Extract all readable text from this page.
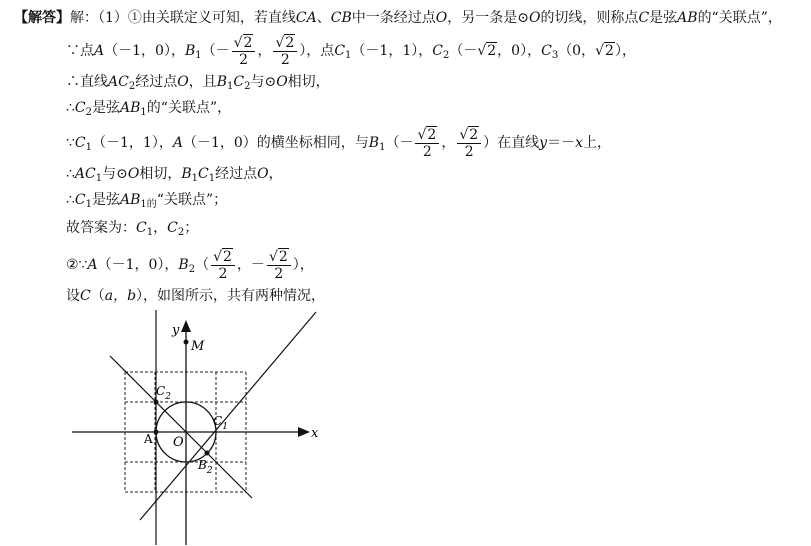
【解答】解：（1）①由关联定义可知，若直线CA、CB中一条经过点O，另一条是⊙O的切线，则称点C是弦AB的“关联点”，
∵点A（－1，0），$B_1(- \frac{√2}{2}$ ， $\frac{√2}{2}$ ），点$C_1(-1$，1），$C_2(-√2$，0），$C_3(0$，√2），
∴直线$AC_2$经过点O，且$B_1C_2$与⊙O相切，
$\therefore C_2$是弦$AB_1$的“关联点”，
$\because C_1(-1$，1），A（－1，0）的横坐标相同，与$B_1(- \frac{√2}{2}$ ， $\frac{√2}{2}$ ）在直线y＝－x上，
$\therefore AC_1$与⊙O相切，$B_1C_1$经过点O，
$\therefore C_1$是弦$AB_{1的}“$关联点”；
故答案为：$C_1$，$C_2$；
②∵A（－1，0），$B_2( \frac{√2}{2}$ ，－ $\frac{√2}{2}$ ），
设C（a，b），如图所示，共有两种情况，
y
M
x
O
A
$C_2$
$C_1$
$B_2$
